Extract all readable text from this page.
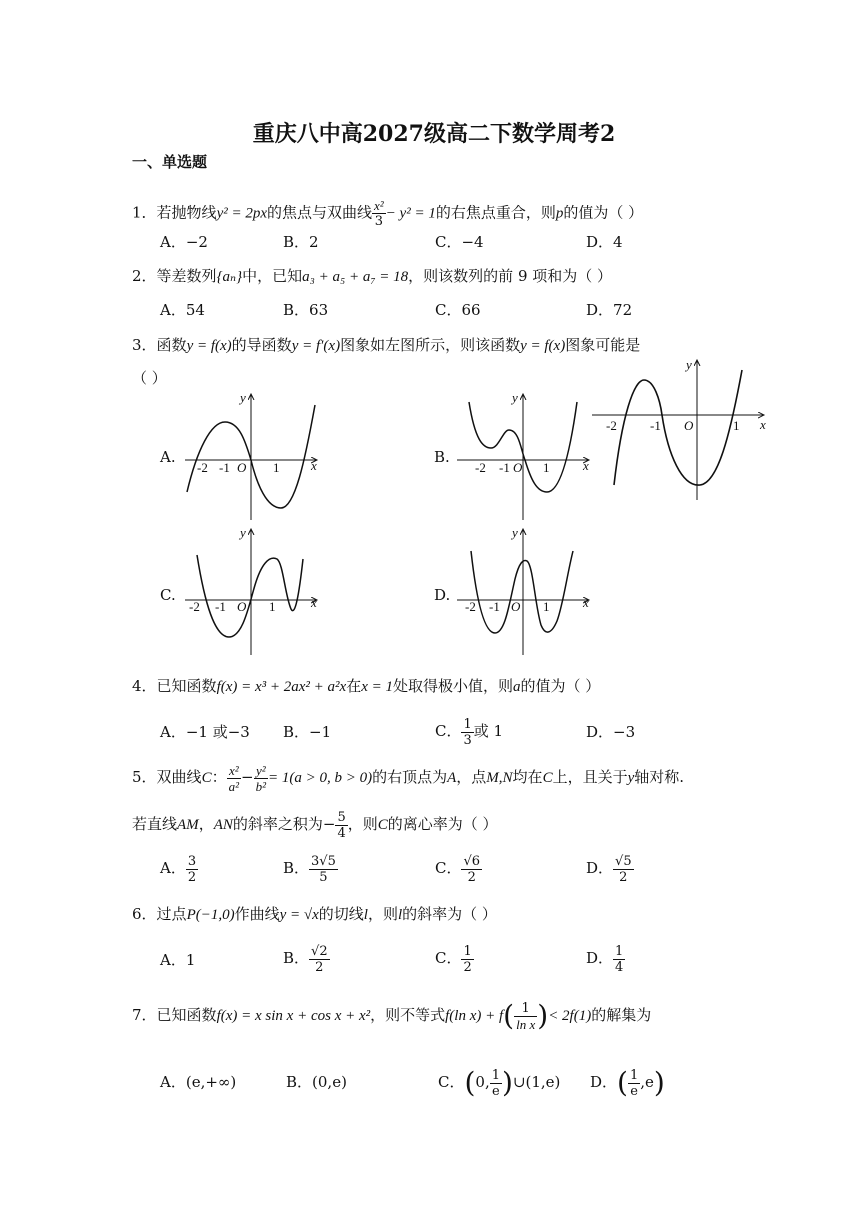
重庆八中高2027级高二下数学周考2
一、单选题
1．若抛物线y² = 2px的焦点与双曲线 $\frac{\text{x²}}{3} - y^2 = 1$的右焦点重合，则p的值为（ ）
A．−2	B．2	C．−4	D．4
2．等差数列{aₙ}中，已知a₃ + a₅ + a₇ = 18，则该数列的前 9 项和为（ ）
A．54	B．63	C．66	D．72
3．函数y = f(x)的导函数y = f′(x)图象如左图所示，则该函数y = f(x)图象可能是
（ ）
x
y
-2	-1 O	1
A.	x
y
-2 -1 O 1
B.	x
y
-2 -1 O 1
C.	x
y
-2 -1 O 1
D.	x
y
-2 -1 O 1
4．已知函数f(x) = x³ + 2ax² + a²x在x = 1处取得极小值，则a的值为（ ）
A．−1 或−3 B．−1	C． $\frac{1}{3}$ 或 1	D．−3
5．双曲线C： $\frac{\text{x²}}{\text{a²}} - \frac{\text{y²}}{\text{b²}} = 1(a > 0$, b > 0)的右顶点为A，点M,N均在C上，且关于y轴对称.
若直线AM，AN的斜率之积为− $\frac{5}{4}$ ，则C的离心率为（ ）
A． $\frac{3}{2}$	B． $\frac{3√5}{5}$	C． $\frac{√6}{2}$	D． $\frac{√5}{2}$
6．过点P(−1,0)作曲线y = √x的切线l，则l的斜率为（ ）
A．1	B． $\frac{√2}{2}$	C． $\frac{1}{2}$	D． $\frac{1}{4}$
7．已知函数f(x) = x sin x + cos x + x²，则不等式f(ln $x) + f( \frac{1}{\text{ln x}}$ )< 2f(1)的解集为
A．(e,+∞)	B．(0,e)	C．(0, $\frac{1}{e}$ )∪(1,e) D．( $\frac{1}{e} ,e$)
